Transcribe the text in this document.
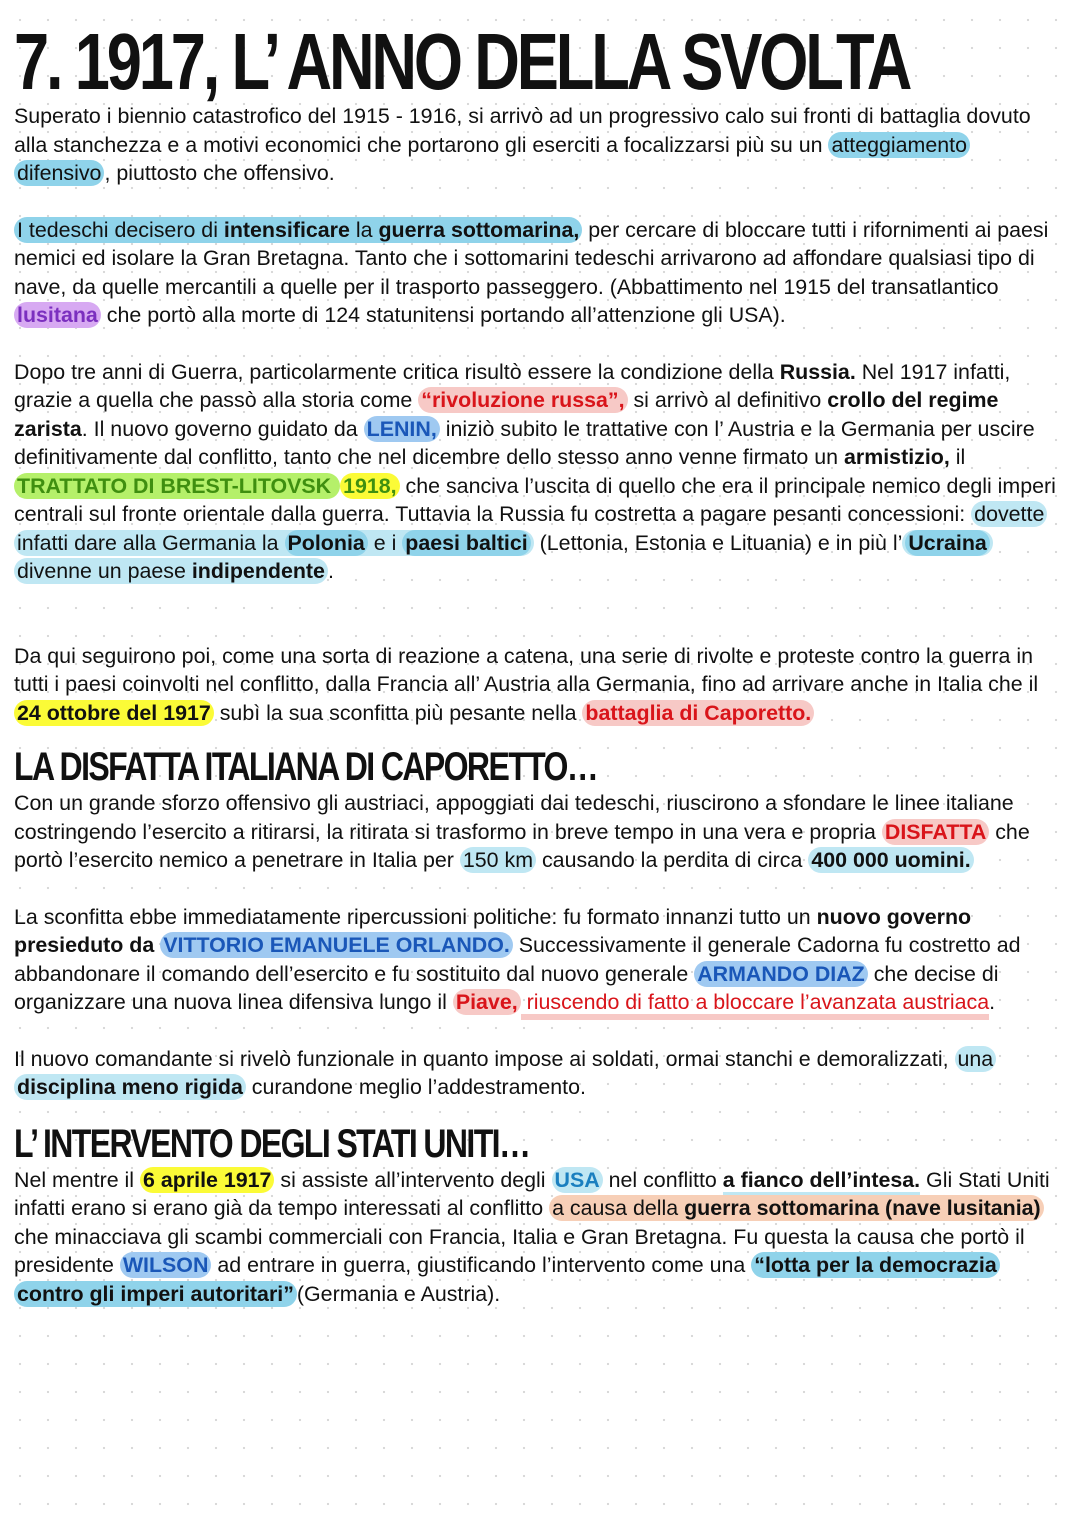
7. 1917, L’ ANNO DELLA SVOLTA

Superato i biennio catastrofico del 1915 - 1916, si arrivò ad un progressivo calo sui fronti di battaglia dovuto alla stanchezza e a motivi economici che portarono gli eserciti a focalizzarsi più su un atteggiamento difensivo , piuttosto che offensivo.

I tedeschi decisero di intensificare la guerra sottomarina, per cercare di bloccare tutti i rifornimenti ai paesi nemici ed isolare la Gran Bretagna. Tanto che i sottomarini tedeschi arrivarono ad affondare qualsiasi tipo di nave, da quelle mercantili a quelle per il trasporto passeggero. (Abbattimento nel 1915 del transatlantico lusitana che portò alla morte di 124 statunitensi portando all’attenzione gli USA).

Dopo tre anni di Guerra, particolarmente critica risultò essere la condizione della Russia. Nel 1917 infatti, grazie a quella che passò alla storia come “rivoluzione russa”, si arrivò al definitivo crollo del regime zarista. Il nuovo governo guidato da LENIN, iniziò subito le trattative con l’ Austria e la Germania per uscire definitivamente dal conflitto, tanto che nel dicembre dello stesso anno venne firmato un armistizio, il TRATTATO DI BREST-LITOVSK 1918, che sanciva l’uscita di quello che era il principale nemico degli imperi centrali sul fronte orientale dalla guerra. Tuttavia la Russia fu costretta a pagare pesanti concessioni: dovette infatti dare alla Germania la Polonia e i paesi baltici (Lettonia, Estonia e Lituania) e in più l’ Ucraina divenne un paese indipendente .

Da qui seguirono poi, come una sorta di reazione a catena, una serie di rivolte e proteste contro la guerra in tutti i paesi coinvolti nel conflitto, dalla Francia all’ Austria alla Germania, fino ad arrivare anche in Italia che il 24 ottobre del 1917 subì la sua sconfitta più pesante nella battaglia di Caporetto.

LA DISFATTA ITALIANA DI CAPORETTO…

Con un grande sforzo offensivo gli austriaci, appoggiati dai tedeschi, riuscirono a sfondare le linee italiane costringendo l’esercito a ritirarsi, la ritirata si trasformo in breve tempo in una vera e propria DISFATTA che portò l’esercito nemico a penetrare in Italia per 150 km causando la perdita di circa 400 000 uomini.

La sconfitta ebbe immediatamente ripercussioni politiche: fu formato innanzi tutto un nuovo governo presieduto da VITTORIO EMANUELE ORLANDO. Successivamente il generale Cadorna fu costretto ad abbandonare il comando dell’esercito e fu sostituito dal nuovo generale ARMANDO DIAZ che decise di organizzare una nuova linea difensiva lungo il Piave, riuscendo di fatto a bloccare l’avanzata austriaca.

Il nuovo comandante si rivelò funzionale in quanto impose ai soldati, ormai stanchi e demoralizzati, una disciplina meno rigida curandone meglio l’addestramento.

L’ INTERVENTO DEGLI STATI UNITI…

Nel mentre il 6 aprile 1917 si assiste all’intervento degli USA nel conflitto a fianco dell’intesa. Gli Stati Uniti infatti erano si erano già da tempo interessati al conflitto a causa della guerra sottomarina (nave lusitania) che minacciava gli scambi commerciali con Francia, Italia e Gran Bretagna. Fu questa la causa che portò il presidente WILSON ad entrare in guerra, giustificando l’intervento come una “lotta per la democrazia contro gli imperi autoritari” (Germania e Austria).
